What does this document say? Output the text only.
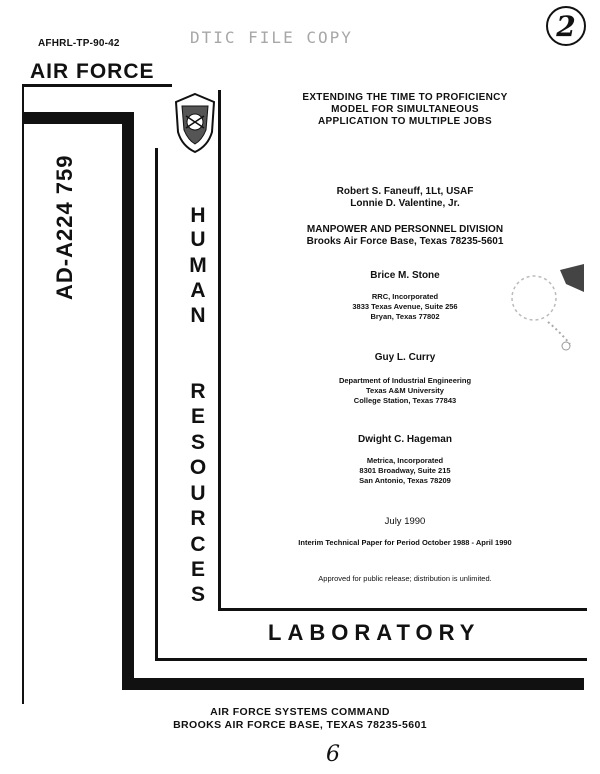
AFHRL-TP-90-42	DTIC FILE COPY	2
AIR FORCE
AD-A224 759	H
U
M
A
N
R
E
S
O
U
R
C
E
S
EXTENDING THE TIME TO PROFICIENCY
MODEL FOR SIMULTANEOUS
APPLICATION TO MULTIPLE JOBS
Robert S. Faneuff, 1Lt, USAF
Lonnie D. Valentine, Jr.
MANPOWER AND PERSONNEL DIVISION
Brooks Air Force Base, Texas 78235-5601
Brice M. Stone
RRC, Incorporated
3833 Texas Avenue, Suite 256
Bryan, Texas 77802
Guy L. Curry
Department of Industrial Engineering
Texas A&M University
College Station, Texas 77843
Dwight C. Hageman
Metrica, Incorporated
8301 Broadway, Suite 215
San Antonio, Texas 78209
July 1990
Interim Technical Paper for Period October 1988 - April 1990
Approved for public release; distribution is unlimited.
LABORATORY
AIR FORCE SYSTEMS COMMAND
BROOKS AIR FORCE BASE, TEXAS 78235-5601
6
